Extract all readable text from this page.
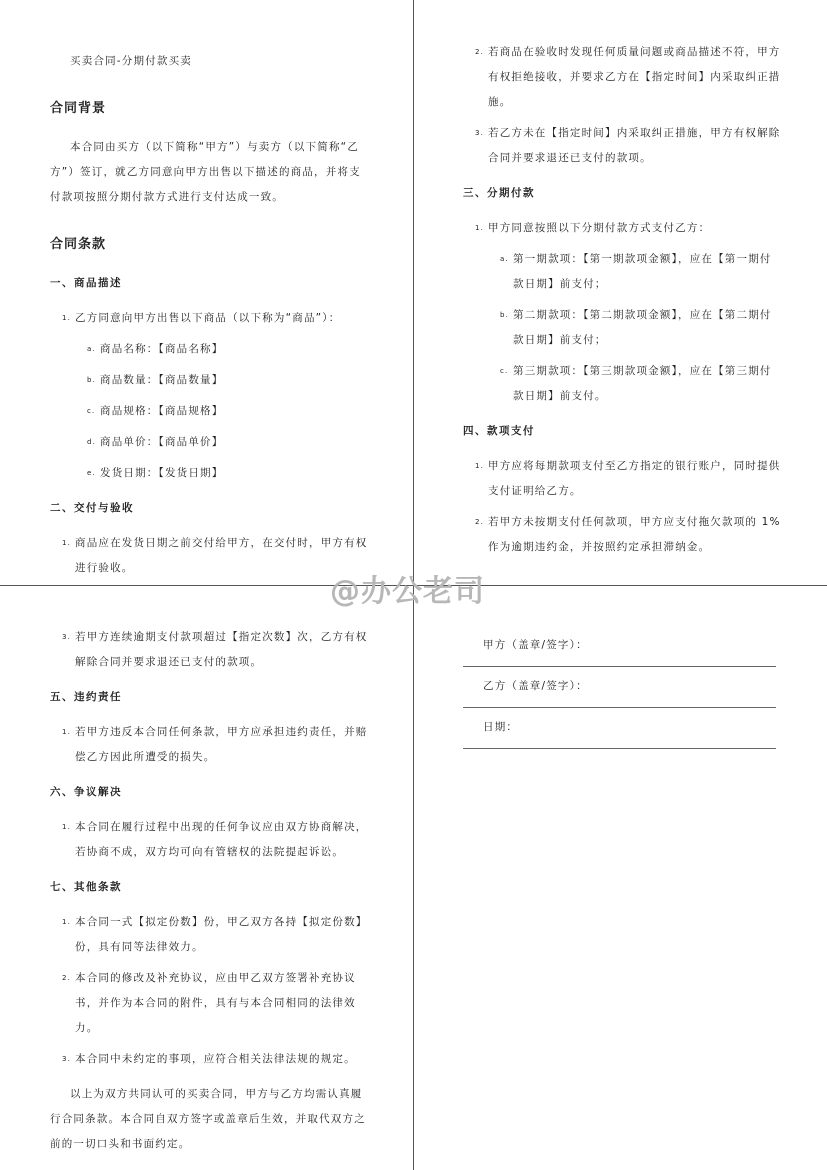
买卖合同-分期付款买卖
合同背景

本合同由买方（以下简称“甲方”）与卖方（以下简称“乙方”）签订，就乙方同意向甲方出售以下描述的商品，并将支付款项按照分期付款方式进行支付达成一致。

合同条款
一、商品描述
1. 乙方同意向甲方出售以下商品（以下称为“商品”）：
a. 商品名称：【商品名称】
b. 商品数量：【商品数量】
c. 商品规格：【商品规格】
d. 商品单价：【商品单价】
e. 发货日期：【发货日期】
二、交付与验收
1. 商品应在发货日期之前交付给甲方，在交付时，甲方有权进行验收。
2. 若商品在验收时发现任何质量问题或商品描述不符，甲方有权拒绝接收，并要求乙方在【指定时间】内采取纠正措施。
3. 若乙方未在【指定时间】内采取纠正措施，甲方有权解除合同并要求退还已支付的款项。
三、分期付款
1. 甲方同意按照以下分期付款方式支付乙方：
a. 第一期款项：【第一期款项金额】，应在【第一期付款日期】前支付；
b. 第二期款项：【第二期款项金额】，应在【第二期付款日期】前支付；
c. 第三期款项：【第三期款项金额】，应在【第三期付款日期】前支付。
四、款项支付
1. 甲方应将每期款项支付至乙方指定的银行账户，同时提供支付证明给乙方。
2. 若甲方未按期支付任何款项，甲方应支付拖欠款项的 1%作为逾期违约金，并按照约定承担滞纳金。
3. 若甲方连续逾期支付款项超过【指定次数】次，乙方有权解除合同并要求退还已支付的款项。
五、违约责任
1. 若甲方违反本合同任何条款，甲方应承担违约责任，并赔偿乙方因此所遭受的损失。
六、争议解决
1. 本合同在履行过程中出现的任何争议应由双方协商解决，若协商不成，双方均可向有管辖权的法院提起诉讼。
七、其他条款
1. 本合同一式【拟定份数】份，甲乙双方各持【拟定份数】份，具有同等法律效力。
2. 本合同的修改及补充协议，应由甲乙双方签署补充协议书，并作为本合同的附件，具有与本合同相同的法律效力。
3. 本合同中未约定的事项，应符合相关法律法规的规定。

以上为双方共同认可的买卖合同，甲方与乙方均需认真履行合同条款。本合同自双方签字或盖章后生效，并取代双方之前的一切口头和书面约定。

甲方（盖章/签字）：
乙方（盖章/签字）：
日期：
@办公老司
